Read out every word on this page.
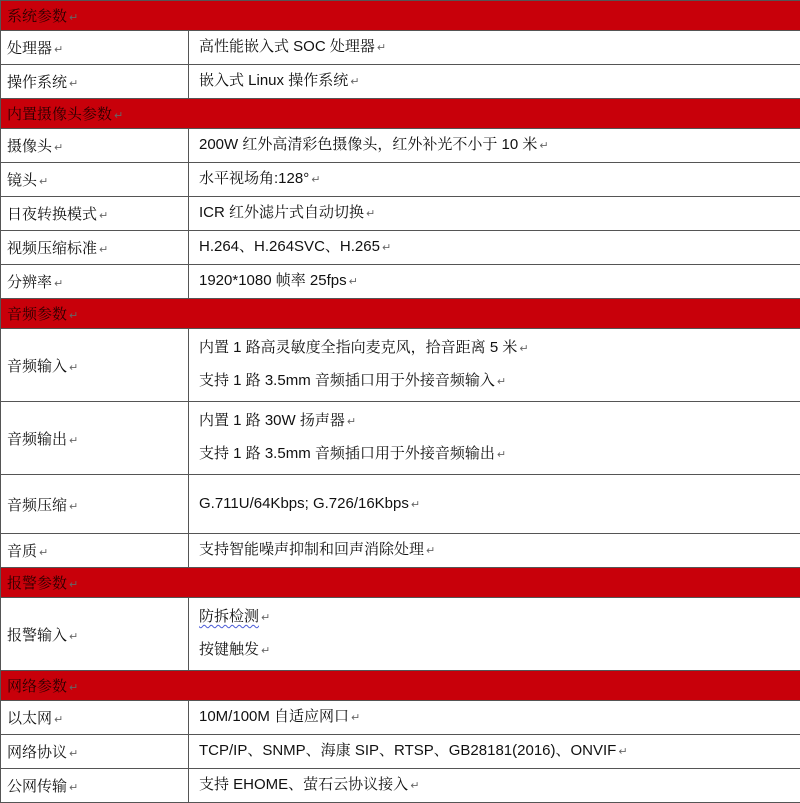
系统参数 ↵	
处理器 ↵	高性能嵌入式 SOC 处理器 ↵

操作系统 ↵	嵌入式 Linux 操作系统 ↵

内置摄像头参数 ↵	
摄像头 ↵	200W 红外高清彩色摄像头，红外补光不小于 10 米 ↵

镜头 ↵	水平视场角:128° ↵

日夜转换模式 ↵	ICR 红外滤片式自动切换 ↵

视频压缩标准 ↵	H.264、H.264SVC、H.265 ↵

分辨率 ↵	1920*1080 帧率 25fps ↵

音频参数 ↵	
音频输入 ↵	内置 1 路高灵敏度全指向麦克风，拾音距离 5 米 ↵
支持 1 路 3.5mm 音频插口用于外接音频输入 ↵

音频输出 ↵	内置 1 路 30W 扬声器 ↵
支持 1 路 3.5mm 音频插口用于外接音频输出 ↵

音频压缩 ↵	G.711U/64Kbps; G.726/16Kbps ↵

音质 ↵	支持智能噪声抑制和回声消除处理 ↵

报警参数 ↵	
报警输入 ↵	防拆检测 ↵
按键触发 ↵

网络参数 ↵	
以太网 ↵	10M/100M 自适应网口 ↵

网络协议 ↵	TCP/IP、SNMP、海康 SIP、RTSP、GB28181(2016)、ONVIF ↵

公网传输 ↵	支持 EHOME、萤石云协议接入 ↵
